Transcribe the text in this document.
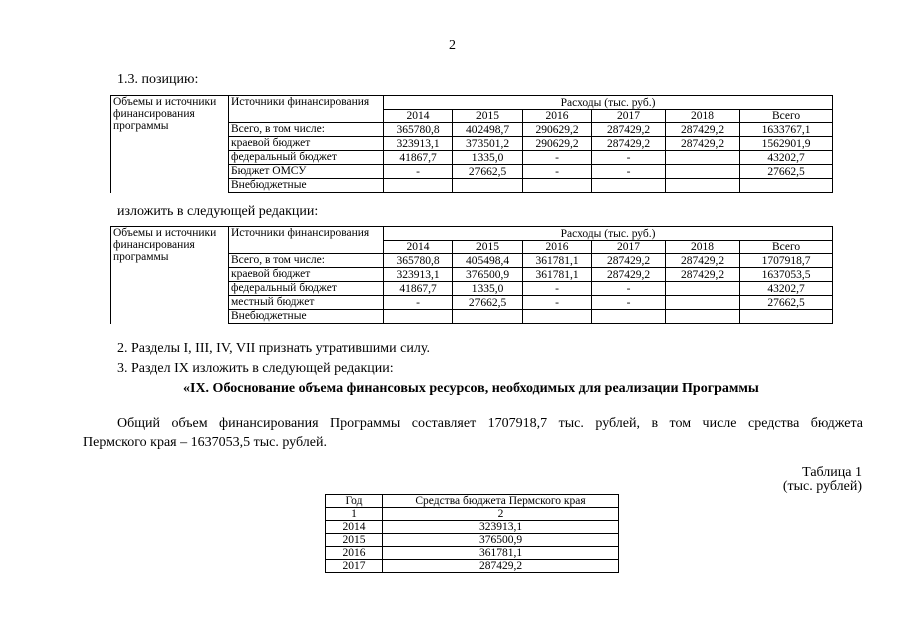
2
1.3. позицию:
Объемы и источники финансирования программы	Источники финансирования	Расходы (тыс. руб.)					
		2014	2015	2016	2017	2018	Всего
	Всего, в том числе:	365780,8	402498,7	290629,2	287429,2	287429,2	1633767,1
	краевой бюджет	323913,1	373501,2	290629,2	287429,2	287429,2	1562901,9
	федеральный бюджет	41867,7	1335,0	-	-		43202,7
	Бюджет ОМСУ	-	27662,5	-	-		27662,5
	Внебюджетные						
изложить в следующей редакции:
Объемы и источники финансирования программы	Источники финансирования	Расходы (тыс. руб.)					
		2014	2015	2016	2017	2018	Всего
	Всего, в том числе:	365780,8	405498,4	361781,1	287429,2	287429,2	1707918,7
	краевой бюджет	323913,1	376500,9	361781,1	287429,2	287429,2	1637053,5
	федеральный бюджет	41867,7	1335,0	-	-		43202,7
	местный бюджет	-	27662,5	-	-		27662,5
	Внебюджетные						
2. Разделы I, III, IV, VII признать утратившими силу.
3. Раздел IX изложить в следующей редакции:
«IX. Обоснование объема финансовых ресурсов, необходимых для реализации Программы
Общий объем финансирования Программы составляет 1707918,7 тыс. рублей, в том числе средства бюджета
Пермского края – 1637053,5 тыс. рублей.
Таблица 1
(тыс. рублей)
Год	Средства бюджета Пермского края
1	2
2014	323913,1
2015	376500,9
2016	361781,1
2017	287429,2
